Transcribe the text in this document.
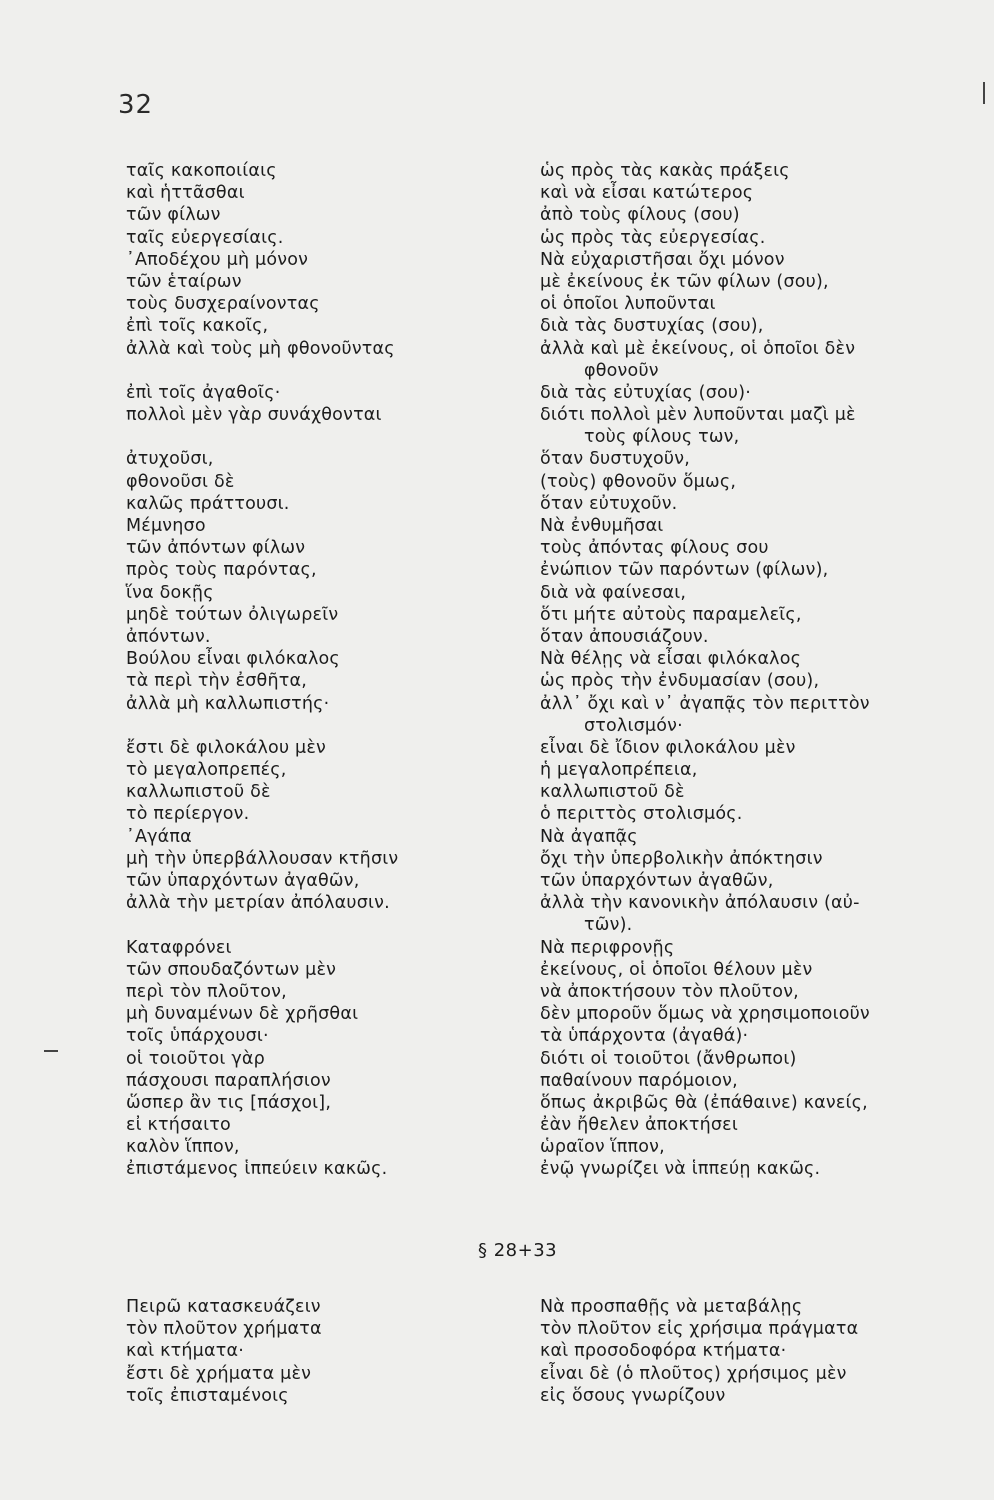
32
ταῖς κακοποιίαις
καὶ ἡττᾶσθαι
τῶν φίλων
ταῖς εὐεργεσίαις.
᾿Αποδέχου μὴ μόνον
τῶν ἑταίρων
τοὺς δυσχεραίνοντας
ἐπὶ τοῖς κακοῖς,
ἀλλὰ καὶ τοὺς μὴ φθονοῦντας
ἐπὶ τοῖς ἀγαθοῖς·
πολλοὶ μὲν γὰρ συνάχθονται
ἀτυχοῦσι,
φθονοῦσι δὲ
καλῶς πράττουσι.
Μέμνησο
τῶν ἀπόντων φίλων
πρὸς τοὺς παρόντας,
ἵνα δοκῇς
μηδὲ τούτων ὀλιγωρεῖν
ἀπόντων.
Βούλου εἶναι φιλόκαλος
τὰ περὶ τὴν ἐσθῆτα,
ἀλλὰ μὴ καλλωπιστής·
ἔστι δὲ φιλοκάλου μὲν
τὸ μεγαλοπρεπές,
καλλωπιστοῦ δὲ
τὸ περίεργον.
᾿Αγάπα
μὴ τὴν ὑπερβάλλουσαν κτῆσιν
τῶν ὑπαρχόντων ἀγαθῶν,
ἀλλὰ τὴν μετρίαν ἀπόλαυσιν.
Καταφρόνει
τῶν σπουδαζόντων μὲν
περὶ τὸν πλοῦτον,
μὴ δυναμένων δὲ χρῆσθαι
τοῖς ὑπάρχουσι·
οἱ τοιοῦτοι γὰρ
πάσχουσι παραπλήσιον
ὥσπερ ἂν τις [πάσχοι],
εἰ κτήσαιτο
καλὸν ἵππον,
ἐπιστάμενος ἱππεύειν κακῶς.
ὡς πρὸς τὰς κακὰς πράξεις
καὶ νὰ εἶσαι κατώτερος
ἀπὸ τοὺς φίλους (σου)
ὡς πρὸς τὰς εὐεργεσίας.
Νὰ εὐχαριστῆσαι ὄχι μόνον
μὲ ἐκείνους ἐκ τῶν φίλων (σου),
οἱ ὁποῖοι λυποῦνται
διὰ τὰς δυστυχίας (σου),
ἀλλὰ καὶ μὲ ἐκείνους, οἱ ὁποῖοι δὲν
φθονοῦν
διὰ τὰς εὐτυχίας (σου)·
διότι πολλοὶ μὲν λυποῦνται μαζὶ μὲ
τοὺς φίλους των,
ὅταν δυστυχοῦν,
(τοὺς) φθονοῦν ὅμως,
ὅταν εὐτυχοῦν.
Νὰ ἐνθυμῆσαι
τοὺς ἀπόντας φίλους σου
ἐνώπιον τῶν παρόντων (φίλων),
διὰ νὰ φαίνεσαι,
ὅτι μήτε αὐτοὺς παραμελεῖς,
ὅταν ἀπουσιάζουν.
Νὰ θέλῃς νὰ εἶσαι φιλόκαλος
ὡς πρὸς τὴν ἐνδυμασίαν (σου),
ἀλλ᾿ ὄχι καὶ ν᾿ ἀγαπᾷς τὸν περιττὸν
στολισμόν·
εἶναι δὲ ἴδιον φιλοκάλου μὲν
ἡ μεγαλοπρέπεια,
καλλωπιστοῦ δὲ
ὁ περιττὸς στολισμός.
Νὰ ἀγαπᾷς
ὄχι τὴν ὑπερβολικὴν ἀπόκτησιν
τῶν ὑπαρχόντων ἀγαθῶν,
ἀλλὰ τὴν κανονικὴν ἀπόλαυσιν (αὐ-
τῶν).
Νὰ περιφρονῇς
ἐκείνους, οἱ ὁποῖοι θέλουν μὲν
νὰ ἀποκτήσουν τὸν πλοῦτον,
δὲν μποροῦν ὅμως νὰ χρησιμοποιοῦν
τὰ ὑπάρχοντα (ἀγαθά)·
διότι οἱ τοιοῦτοι (ἄνθρωποι)
παθαίνουν παρόμοιον,
ὅπως ἀκριβῶς θὰ (ἐπάθαινε) κανείς,
ἐὰν ἤθελεν ἀποκτήσει
ὡραῖον ἵππον,
ἐνῷ γνωρίζει νὰ ἱππεύῃ κακῶς.
§ 28+33
Πειρῶ κατασκευάζειν
τὸν πλοῦτον χρήματα
καὶ κτήματα·
ἔστι δὲ χρήματα μὲν
τοῖς ἐπισταμένοις
Νὰ προσπαθῇς νὰ μεταβάλῃς
τὸν πλοῦτον εἰς χρήσιμα πράγματα
καὶ προσοδοφόρα κτήματα·
εἶναι δὲ (ὁ πλοῦτος) χρήσιμος μὲν
εἰς ὅσους γνωρίζουν
